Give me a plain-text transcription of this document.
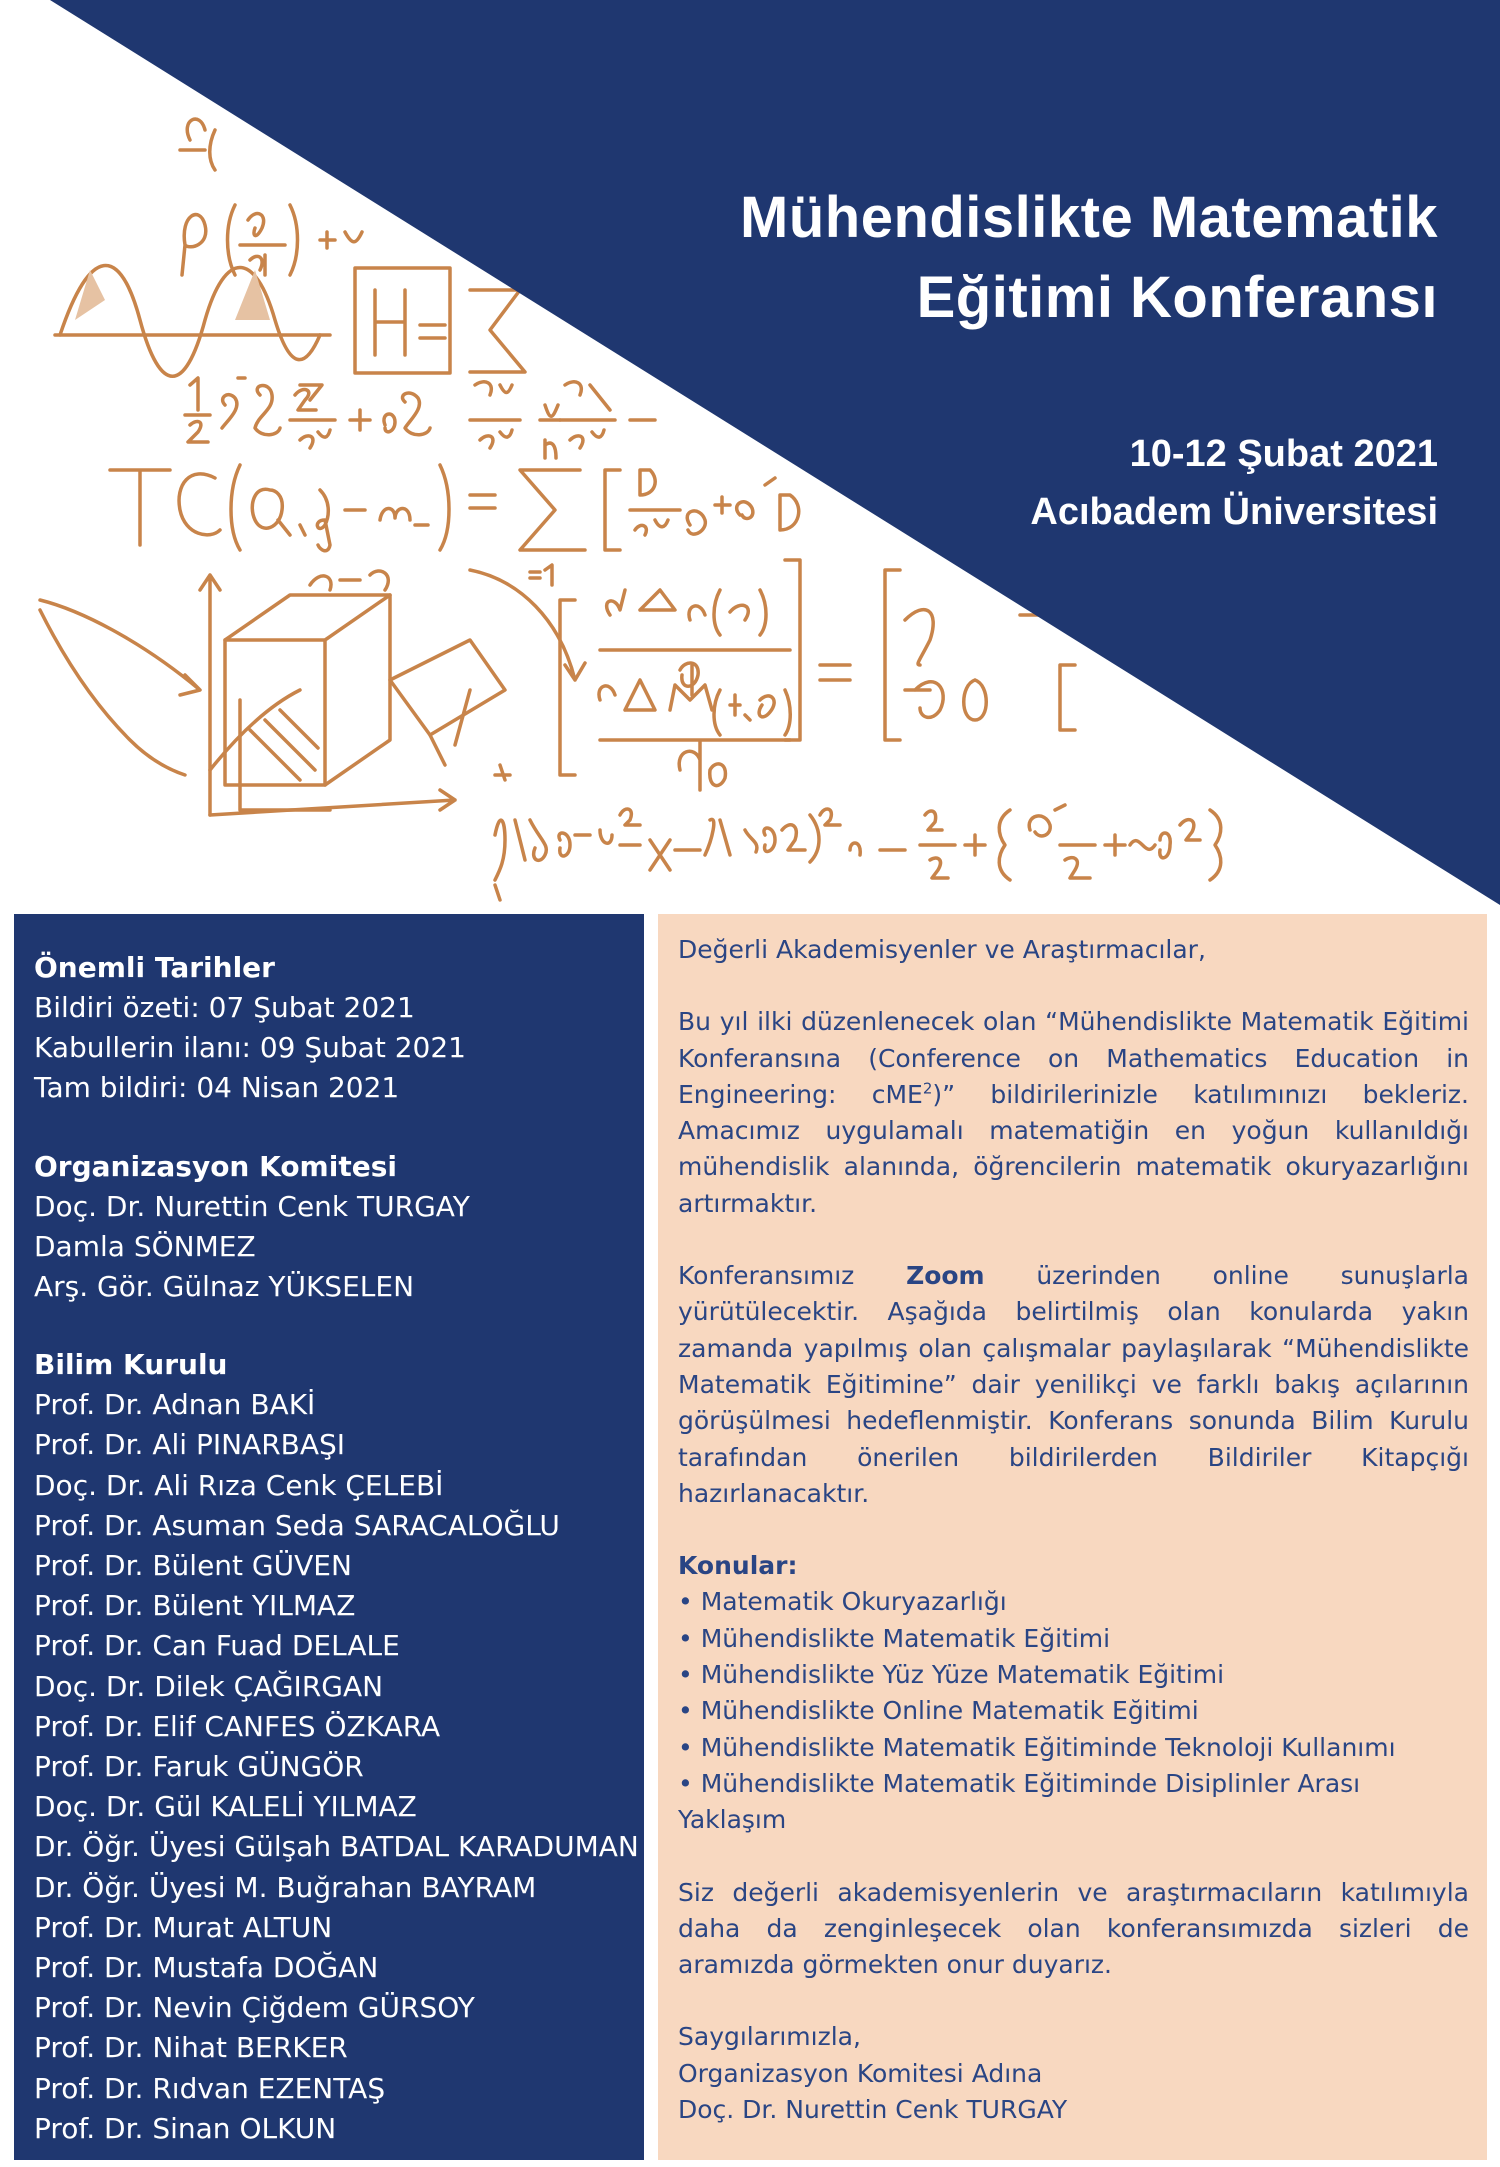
Mühendislikte Matematik
Eğitimi Konferansı
10-12 Şubat 2021
Acıbadem Üniversitesi
Önemli Tarihler
Bildiri özeti: 07 Şubat 2021
Kabullerin ilanı: 09 Şubat 2021
Tam bildiri: 04 Nisan 2021
Organizasyon Komitesi
Doç. Dr. Nurettin Cenk TURGAY
Damla SÖNMEZ
Arş. Gör. Gülnaz YÜKSELEN
Bilim Kurulu
Prof. Dr. Adnan BAKİ
Prof. Dr. Ali PINARBAŞI
Doç. Dr. Ali Rıza Cenk ÇELEBİ
Prof. Dr. Asuman Seda SARACALOĞLU
Prof. Dr. Bülent GÜVEN
Prof. Dr. Bülent YILMAZ
Prof. Dr. Can Fuad DELALE
Doç. Dr. Dilek ÇAĞIRGAN
Prof. Dr. Elif CANFES ÖZKARA
Prof. Dr. Faruk GÜNGÖR
Doç. Dr. Gül KALELİ YILMAZ
Dr. Öğr. Üyesi Gülşah BATDAL KARADUMAN
Dr. Öğr. Üyesi M. Buğrahan BAYRAM
Prof. Dr. Murat ALTUN
Prof. Dr. Mustafa DOĞAN
Prof. Dr. Nevin Çiğdem GÜRSOY
Prof. Dr. Nihat BERKER
Prof. Dr. Rıdvan EZENTAŞ
Prof. Dr. Sinan OLKUN
Değerli Akademisyenler ve Araştırmacılar,
Bu yıl ilki düzenlenecek olan “Mühendislikte Matematik Eğitimi Konferansına (Conference on Mathematics Education in Engineering: cME$^2$)” bildirilerinizle katılımınızı bekleriz. Amacımız uygulamalı matematiğin en yoğun kullanıldığı mühendislik alanında, öğrencilerin matematik okuryazarlığını artırmaktır.
Konferansımız Zoom üzerinden online sunuşlarla yürütülecektir. Aşağıda belirtilmiş olan konularda yakın zamanda yapılmış olan çalışmalar paylaşılarak “Mühendislikte Matematik Eğitimine” dair yenilikçi ve farklı bakış açılarının görüşülmesi hedeflenmiştir. Konferans sonunda Bilim Kurulu tarafından önerilen bildirilerden Bildiriler Kitapçığı hazırlanacaktır.
Konular:
• Matematik Okuryazarlığı
• Mühendislikte Matematik Eğitimi
• Mühendislikte Yüz Yüze Matematik Eğitimi
• Mühendislikte Online Matematik Eğitimi
• Mühendislikte Matematik Eğitiminde Teknoloji Kullanımı
• Mühendislikte Matematik Eğitiminde Disiplinler Arası Yaklaşım
Siz değerli akademisyenlerin ve araştırmacıların katılımıyla daha da zenginleşecek olan konferansımızda sizleri de aramızda görmekten onur duyarız.
Saygılarımızla,
Organizasyon Komitesi Adına
Doç. Dr. Nurettin Cenk TURGAY
